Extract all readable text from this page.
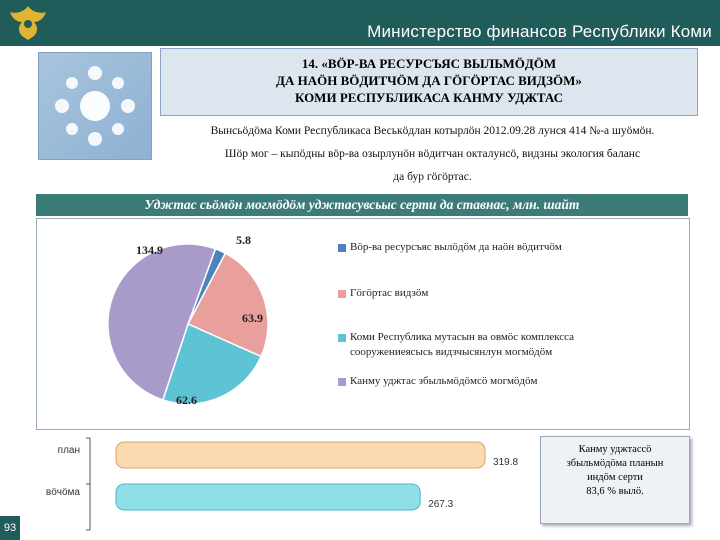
Министерство финансов Республики Коми
93
14. «ВӦР-ВА РЕСУРСЪЯС ВЫЛЬМӦДӦМ
ДА НАӦН ВӦДИТЧӦМ ДА ГӦГӦРТАС ВИДЗӦМ»
КОМИ РЕСПУБЛИКАСА КАНМУ УДЖТАС
Вынсьӧдӧма Коми Республикаса Веськӧдлан котырлӧн 2012.09.28 лунся 414 №-а шуӧмӧн.
Шӧр мог – кыпӧдны вӧр-ва озырлунӧн вӧдитчан окталунсӧ, видзны экология баланс
да бур гӧгӧртас.
Уджтас сьӧмӧн могмӧдӧм уджтасувсьыс серти да ставнас, млн. шайт
5.8
63.9
62.6
134.9	Вӧр-ва ресурсъяс вылӧдӧм да наӧн вӧдитчӧм
Гӧгӧртас видзӧм
Коми Республика мутасын ва овмӧс комплексса сооружениеясысь видзчысянлун могмӧдӧм
Канму уджтас збыльмӧдӧмсӧ могмӧдӧм
план
319.8
вӧчӧма
267.3
Канму уджтассӧ
збыльмӧдӧма планын
индӧм серти
83,6 % вылӧ.
